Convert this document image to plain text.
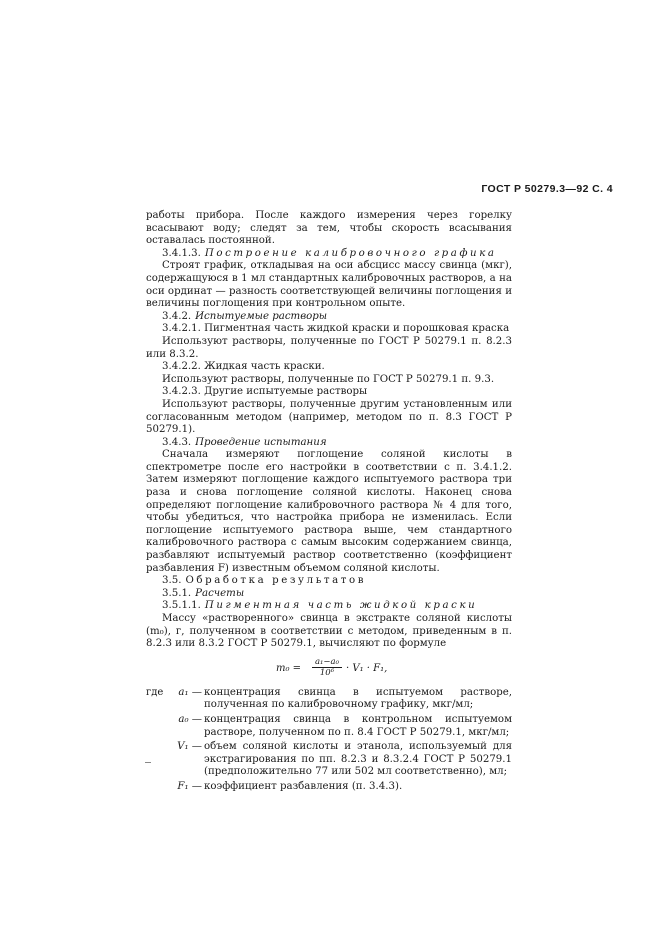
ГОСТ Р 50279.3—92 С. 4

работы прибора. После каждого измерения через горелку всасывают воду; следят за тем, чтобы скорость всасывания оставалась постоянной.

3.4.1.3. Построение калибровочного графика

Строят график, откладывая на оси абсцисс массу свинца (мкг), содержащуюся в 1 мл стандартных калибровочных растворов, а на оси ординат — разность соответствующей величины поглощения и величины поглощения при контрольном опыте.

3.4.2. Испытуемые растворы

3.4.2.1. Пигментная часть жидкой краски и порошковая краска

Используют растворы, полученные по ГОСТ Р 50279.1 п. 8.2.3 или 8.3.2.

3.4.2.2. Жидкая часть краски.

Используют растворы, полученные по ГОСТ Р 50279.1 п. 9.3.

3.4.2.3. Другие испытуемые растворы

Используют растворы, полученные другим установленным или согласованным методом (например, методом по п. 8.3 ГОСТ Р 50279.1).

3.4.3. Проведение испытания

Сначала измеряют поглощение соляной кислоты в спектрометре после его настройки в соответствии с п. 3.4.1.2. Затем измеряют поглощение каждого испытуемого раствора три раза и снова поглощение соляной кислоты. Наконец снова определяют поглощение калибровочного раствора № 4 для того, чтобы убедиться, что настройка прибора не изменилась. Если поглощение испытуемого раствора выше, чем стандартного калибровочного раствора с самым высоким содержанием свинца, разбавляют испытуемый раствор соответственно (коэффициент разбавления F) известным объемом соляной кислоты.

3.5. Обработка результатов

3.5.1. Расчеты

3.5.1.1. Пигментная часть жидкой краски

Массу «растворенного» свинца в экстракте соляной кислоты (m₀), г, полученном в соответствии с методом, приведенным в п. 8.2.3 или 8.3.2 ГОСТ Р 50279.1, вычисляют по формуле

$m_0 = \frac{\text{a₁−a₀}}{\text{10⁶}} \cdot V_1 \cdot F_1$,
где	a₁ — концентрация свинца в испытуемом растворе, полученная по калибровочному графику, мкг/мл;
a₀ — концентрация свинца в контрольном испытуемом растворе, полученном по п. 8.4 ГОСТ Р 50279.1, мкг/мл;
V₁ — объем соляной кислоты и этанола, используемый для экстрагирования по пп. 8.2.3 и 8.3.2.4 ГОСТ Р 50279.1 (предположительно 77 или 502 мл соответственно), мл;
F₁ — коэффициент разбавления (п. 3.4.3).
